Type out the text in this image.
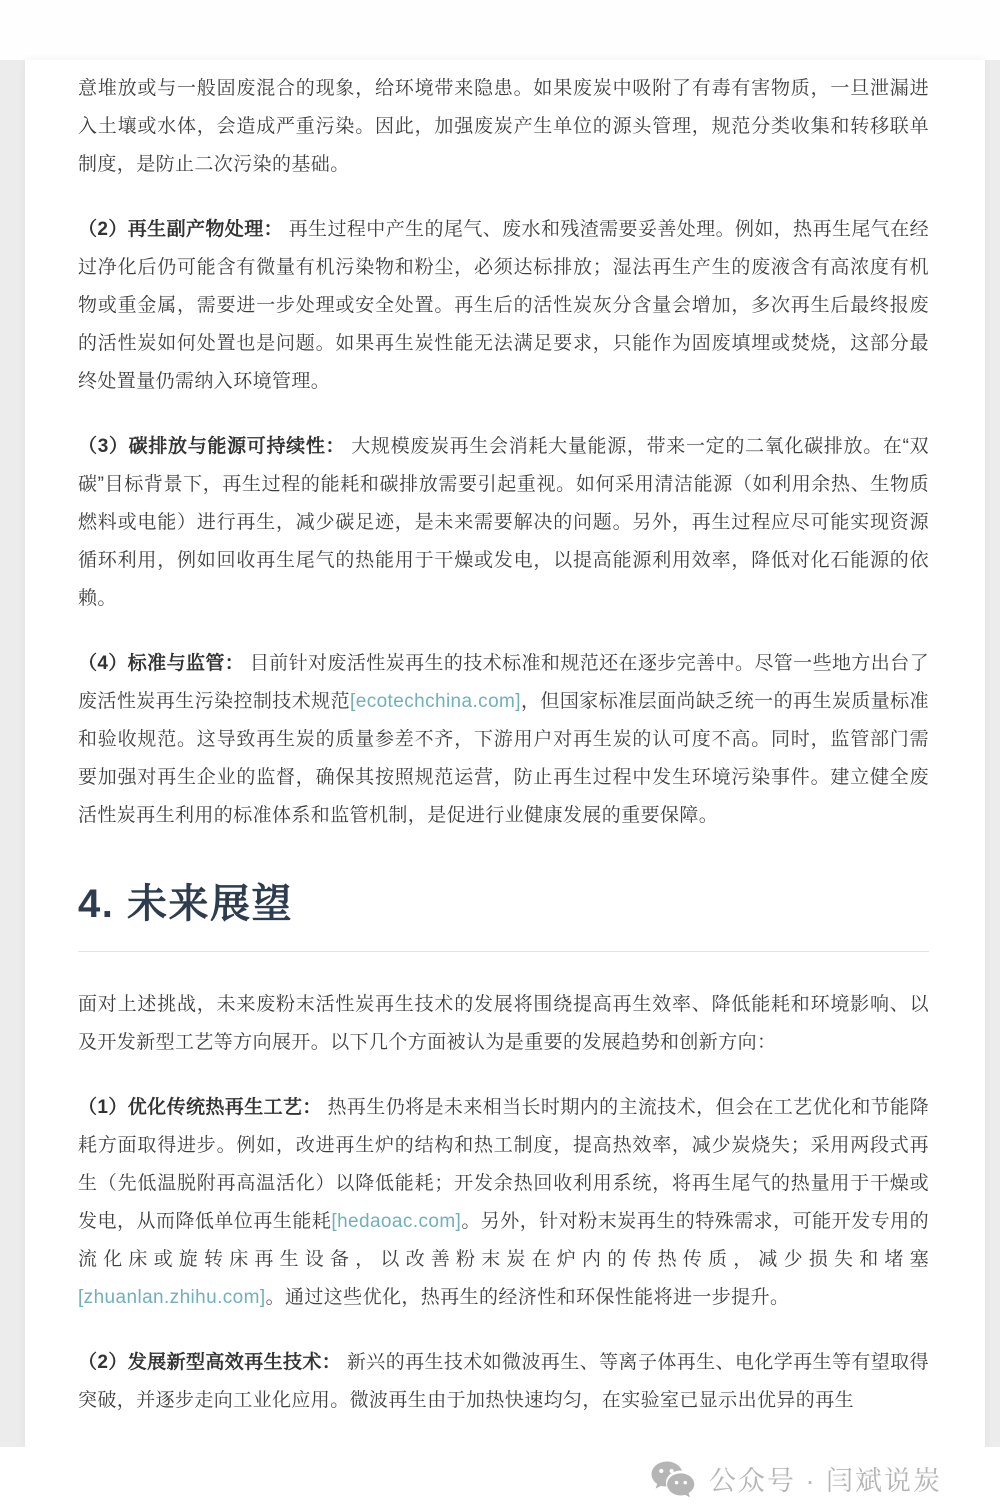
意堆放或与一般固废混合的现象，给环境带来隐患。如果废炭中吸附了有毒有害物质，一旦泄漏进入土壤或水体，会造成严重污染。因此，加强废炭产生单位的源头管理，规范分类收集和转移联单制度，是防止二次污染的基础。

（2）再生副产物处理： 再生过程中产生的尾气、废水和残渣需要妥善处理。例如，热再生尾气在经过净化后仍可能含有微量有机污染物和粉尘，必须达标排放；湿法再生产生的废液含有高浓度有机物或重金属，需要进一步处理或安全处置。再生后的活性炭灰分含量会增加，多次再生后最终报废的活性炭如何处置也是问题。如果再生炭性能无法满足要求，只能作为固废填埋或焚烧，这部分最终处置量仍需纳入环境管理。

（3）碳排放与能源可持续性： 大规模废炭再生会消耗大量能源，带来一定的二氧化碳排放。在“双碳”目标背景下，再生过程的能耗和碳排放需要引起重视。如何采用清洁能源（如利用余热、生物质燃料或电能）进行再生，减少碳足迹，是未来需要解决的问题。另外，再生过程应尽可能实现资源循环利用，例如回收再生尾气的热能用于干燥或发电，以提高能源利用效率，降低对化石能源的依赖。

（4）标准与监管： 目前针对废活性炭再生的技术标准和规范还在逐步完善中。尽管一些地方出台了废活性炭再生污染控制技术规范[ecotechchina.com]，但国家标准层面尚缺乏统一的再生炭质量标准和验收规范。这导致再生炭的质量参差不齐，下游用户对再生炭的认可度不高。同时，监管部门需要加强对再生企业的监督，确保其按照规范运营，防止再生过程中发生环境污染事件。建立健全废活性炭再生利用的标准体系和监管机制，是促进行业健康发展的重要保障。

4. 未来展望

面对上述挑战，未来废粉末活性炭再生技术的发展将围绕提高再生效率、降低能耗和环境影响、以及开发新型工艺等方向展开。以下几个方面被认为是重要的发展趋势和创新方向：

（1）优化传统热再生工艺： 热再生仍将是未来相当长时期内的主流技术，但会在工艺优化和节能降耗方面取得进步。例如，改进再生炉的结构和热工制度，提高热效率，减少炭烧失；采用两段式再生（先低温脱附再高温活化）以降低能耗；开发余热回收利用系统，将再生尾气的热量用于干燥或发电，从而降低单位再生能耗[hedaoac.com]。另外，针对粉末炭再生的特殊需求，可能开发专用的流化床或旋转床再生设备，以改善粉末炭在炉内的传热传质，减少损失和堵塞[zhuanlan.zhihu.com]。通过这些优化，热再生的经济性和环保性能将进一步提升。

（2）发展新型高效再生技术： 新兴的再生技术如微波再生、等离子体再生、电化学再生等有望取得突破，并逐步走向工业化应用。微波再生由于加热快速均匀，在实验室已显示出优异的再生

公众号 · 闫斌说炭
